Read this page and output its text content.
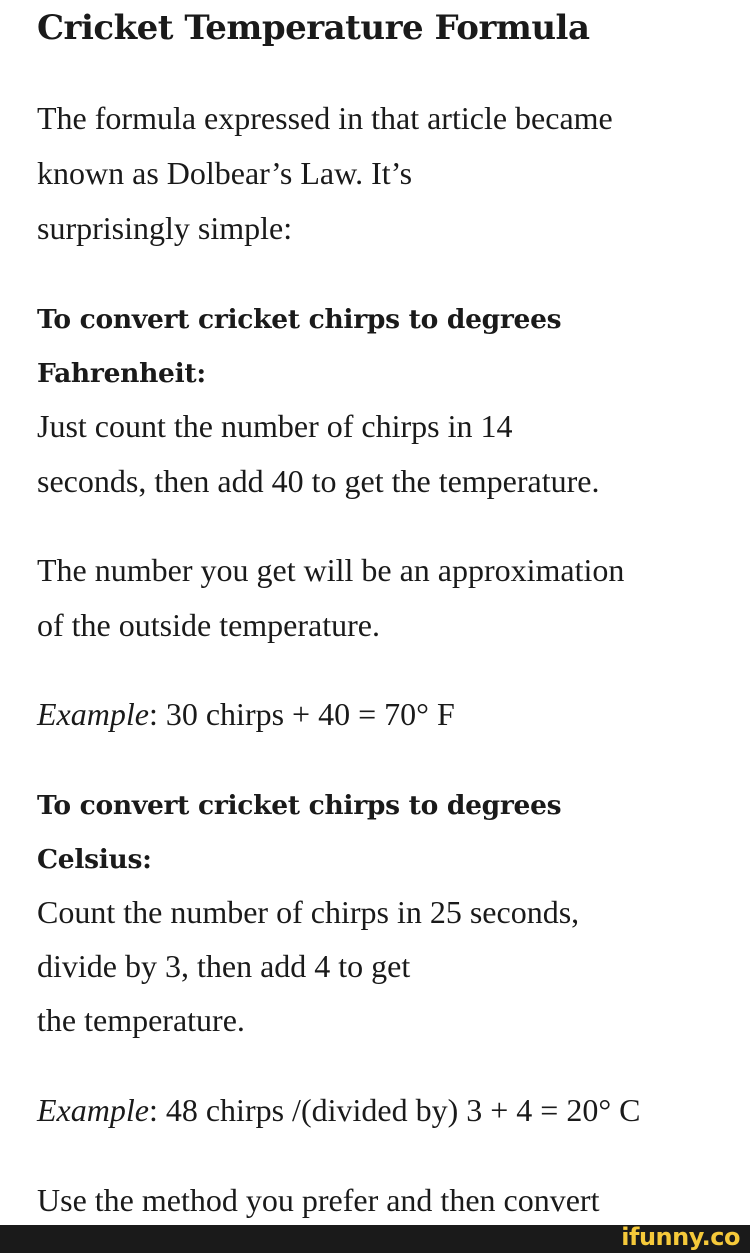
Cricket Temperature Formula
The formula expressed in that article became
known as Dolbear’s Law. It’s
surprisingly simple:
To convert cricket chirps to degrees
Fahrenheit:
Just count the number of chirps in 14
seconds, then add 40 to get the temperature.
The number you get will be an approximation
of the outside temperature.
Example: 30 chirps + 40 = 70° F
To convert cricket chirps to degrees
Celsius:
Count the number of chirps in 25 seconds,
divide by 3, then add 4 to get
the temperature.
Example: 48 chirps /(divided by) 3 + 4 = 20° C
Use the method you prefer and then convert
ifunny.co
